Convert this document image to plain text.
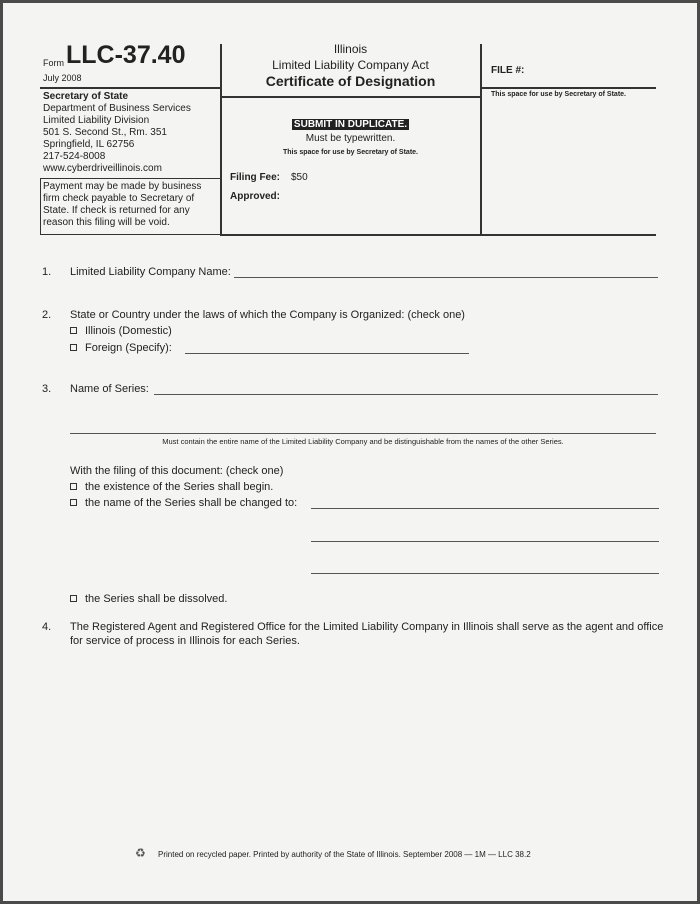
Form LLC-37.40
July 2008
Secretary of State
Department of Business Services
Limited Liability Division
501 S. Second St., Rm. 351
Springfield, IL 62756
217-524-8008
www.cyberdriveillinois.com
Payment may be made by business
firm check payable to Secretary of
State. If check is returned for any
reason this filing will be void.
Illinois
Limited Liability Company Act
Certificate of Designation
SUBMIT IN DUPLICATE.
Must be typewritten.
This space for use by Secretary of State.
Filing Fee: $50
Approved:
FILE #:
This space for use by Secretary of State.
1. Limited Liability Company Name:
2. State or Country under the laws of which the Company is Organized: (check one)
Illinois (Domestic)
Foreign (Specify):
3. Name of Series:
Must contain the entire name of the Limited Liability Company and be distinguishable from the names of the other Series.
With the filing of this document: (check one)
the existence of the Series shall begin.
the name of the Series shall be changed to:
the Series shall be dissolved.
4. The Registered Agent and Registered Office for the Limited Liability Company in Illinois shall serve as the agent and office
for service of process in Illinois for each Series.
♻ Printed on recycled paper. Printed by authority of the State of Illinois. September 2008 — 1M — LLC 38.2
